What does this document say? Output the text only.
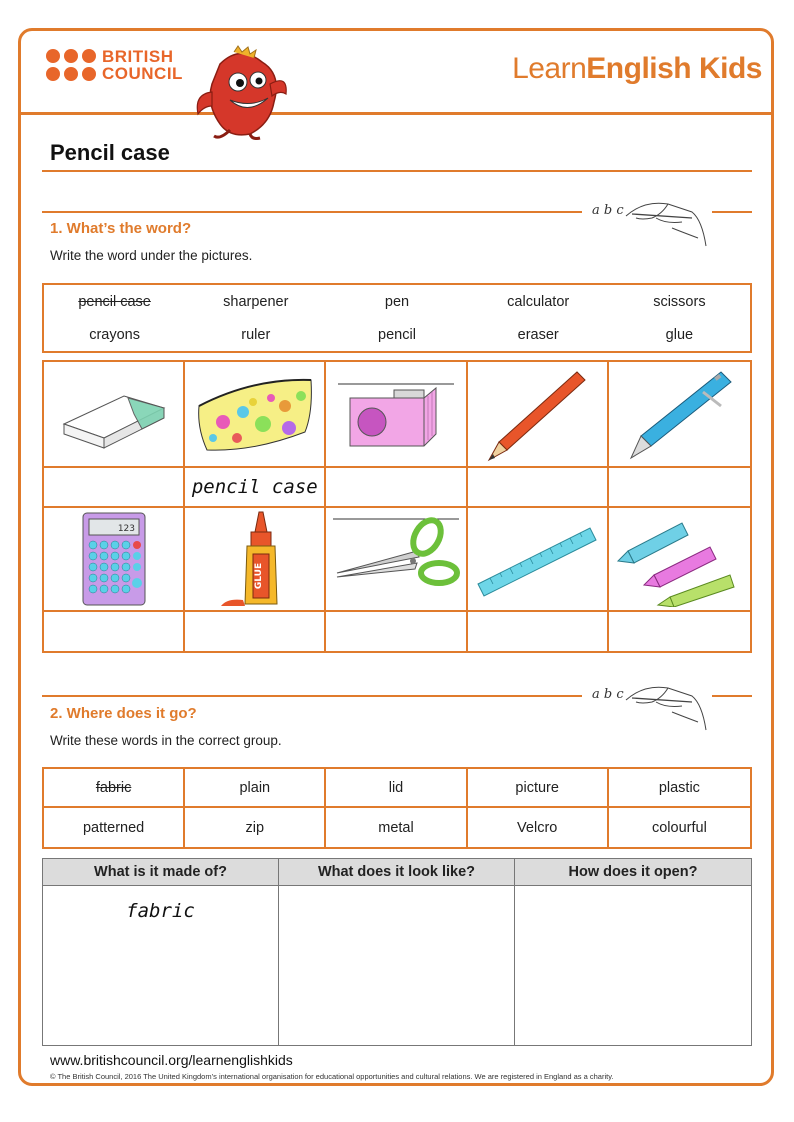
BRITISH
COUNCIL	LearnEnglish Kids
Pencil case
a b c
1. What’s the word?
Write the word under the pictures.
pencil case	sharpener	pen	calculator	scissors
crayons	ruler	pencil	eraser	glue
pencil case
123
GLUE
a b c
2. Where does it go?
Write these words in the correct group.
fabric	plain	lid	picture	plastic
patterned	zip	metal	Velcro	colourful
What is it made of?	What does it look like?	How does it open?
fabric
www.britishcouncil.org/learnenglishkids
© The British Council, 2016 The United Kingdom’s international organisation for educational opportunities and cultural relations. We are registered in England as a charity.
